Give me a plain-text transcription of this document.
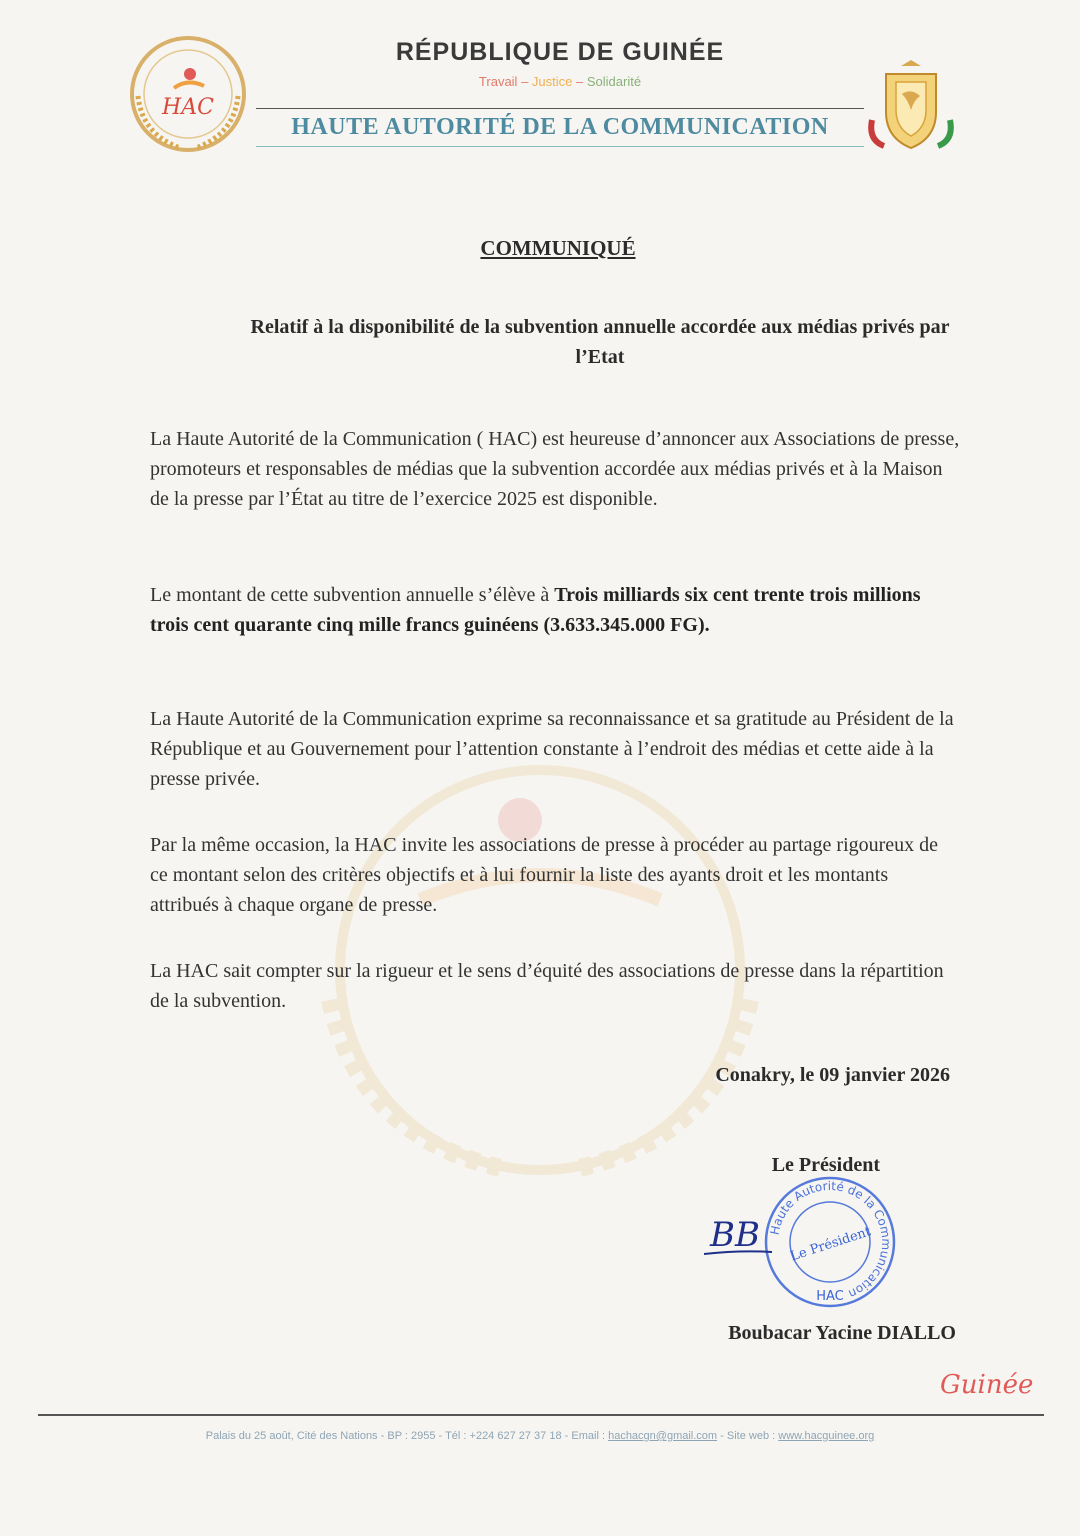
HAC
RÉPUBLIQUE DE GUINÉE
Travail – Justice – Solidarité
HAUTE AUTORITÉ DE LA COMMUNICATION
COMMUNIQUÉ
Relatif à la disponibilité de la subvention annuelle accordée aux médias privés par l’Etat
La Haute Autorité de la Communication ( HAC) est heureuse d’annoncer aux Associations de presse, promoteurs et responsables de médias que la subvention accordée aux médias privés et à la Maison de la presse par l’État au titre de l’exercice 2025 est disponible.
Le montant de cette subvention annuelle s’élève à Trois milliards six cent trente trois millions trois cent quarante cinq mille francs guinéens (3.633.345.000 FG).
La Haute Autorité de la Communication exprime sa reconnaissance et sa gratitude au Président de la République et au Gouvernement pour l’attention constante à l’endroit des médias et cette aide à la presse privée.
Par la même occasion, la HAC invite les associations de presse à procéder au partage rigoureux de ce montant selon des critères objectifs et à lui fournir la liste des ayants droit et les montants attribués à chaque organe de presse.
La HAC sait compter sur la rigueur et le sens d’équité des associations de presse dans la répartition de la subvention.
Conakry, le 09 janvier 2026
Le Président
Haute Autorité de la Communication
HAC
Le Président
BB
Boubacar Yacine DIALLO
Guinée
Palais du 25 août, Cité des Nations - BP : 2955 - Tél : +224 627 27 37 18 - Email : hachacgn@gmail.com - Site web : www.hacguinee.org
